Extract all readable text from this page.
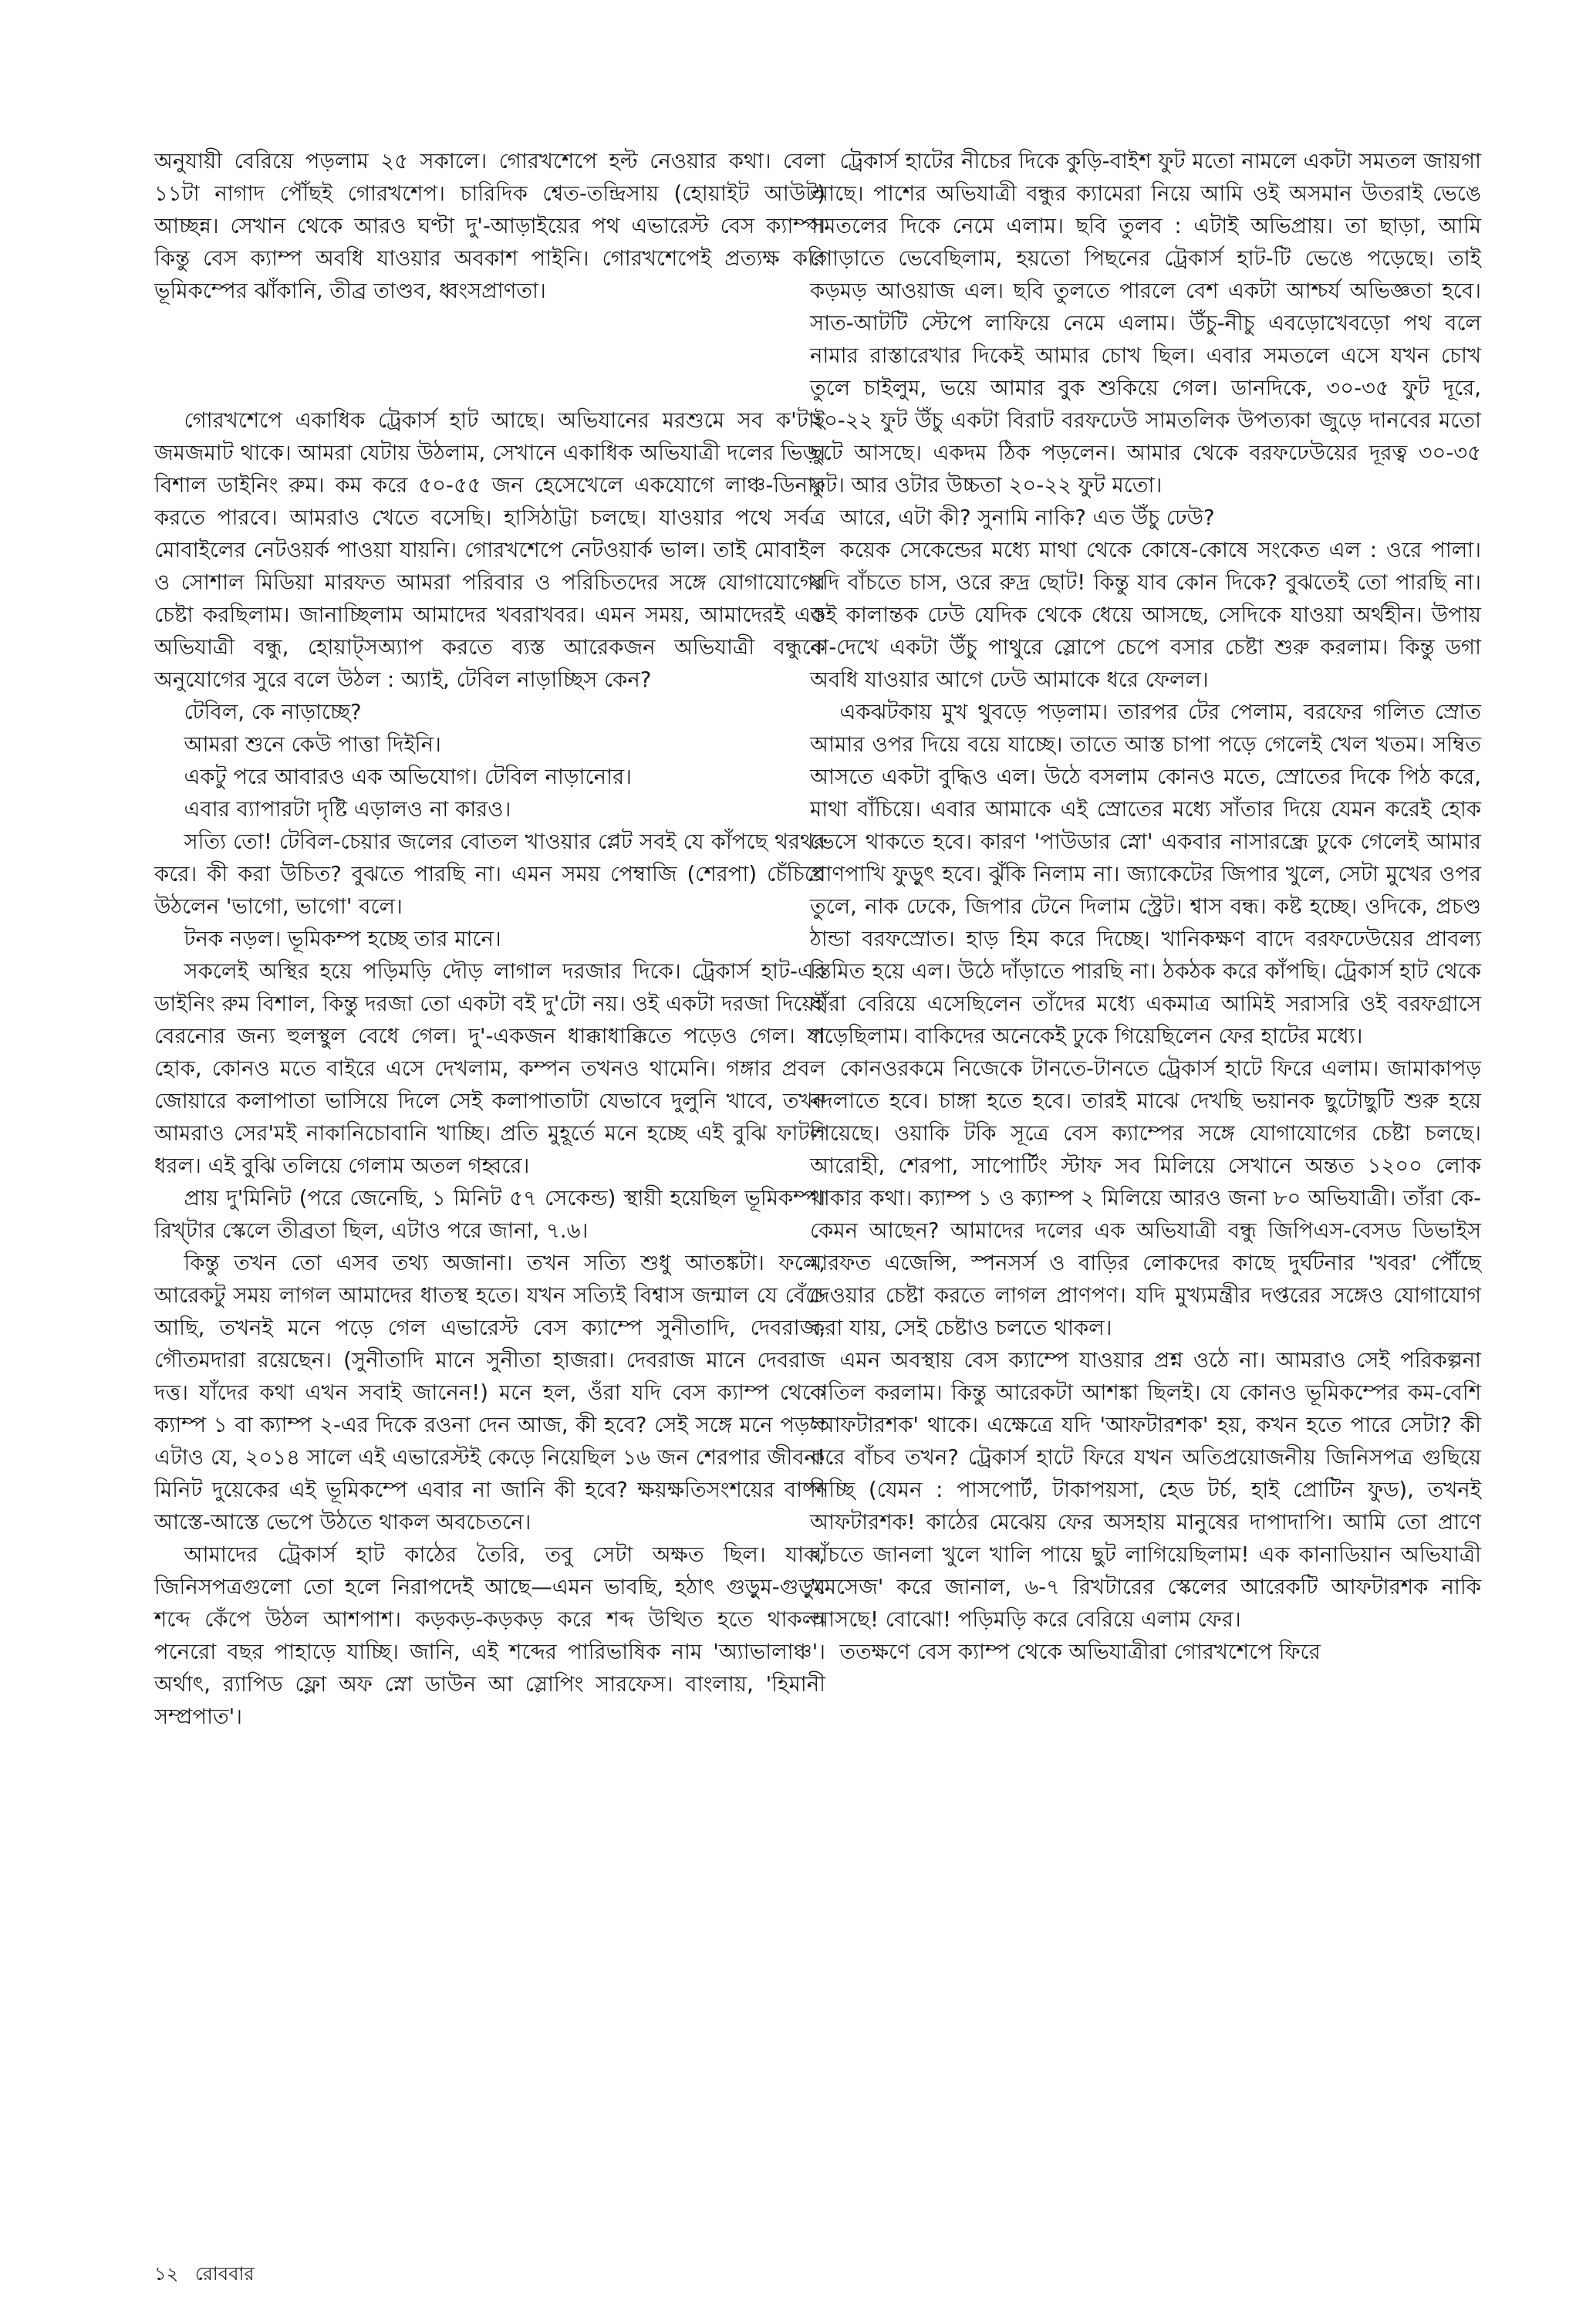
অনুযায়ী বেরিয়ে পড়লাম ২৫ সকালে। গোরখশেপে হল্ট নেওয়ার কথা। বেলা ১১টা নাগাদ পৌঁছই গোরখশেপ। চারিদিক শ্বেত-তন্দ্রিসায় (হোয়াইট আউট) আচ্ছন্ন। সেখান থেকে আরও ঘণ্টা দু'-আড়াইয়ের পথ এভারেস্ট বেস ক্যাম্প। কিন্তু বেস ক্যাম্প অবধি যাওয়ার অবকাশ পাইনি। গোরখশেপেই প্রত্যক্ষ করি ভূমিকম্পের ঝাঁকানি, তীব্র তাণ্ডব, ধ্বংসপ্রাণতা।

গোরখশেপে একাধিক ট্রেকার্স হাট আছে। অভিযানের মরশুমে সব ক'টাই জমজমাট থাকে। আমরা যেটায় উঠলাম, সেখানে একাধিক অভিযাত্রী দলের ভিড়। বিশাল ডাইনিং রুম। কম করে ৫০-৫৫ জন হেসেখেলে একযোগে লাঞ্চ-ডিনার করতে পারবে। আমরাও খেতে বসেছি। হাসিঠাট্টা চলছে। যাওয়ার পথে সর্বত্র মোবাইলের নেটওয়র্ক পাওয়া যায়নি। গোরখশেপে নেটওয়ার্ক ভাল। তাই মোবাইল ও সোশাল মিডিয়া মারফত আমরা পরিবার ও পরিচিতদের সঙ্গে যোগাযোগের চেষ্টা করছিলাম। জানাচ্ছিলাম আমাদের খবরাখবর। এমন সময়, আমাদেরই এক অভিযাত্রী বন্ধু, হোয়াট্‌সঅ্যাপ করতে ব্যস্ত আরেকজন অভিযাত্রী বন্ধুকে অনুযোগের সুরে বলে উঠল : অ্যাই, টেবিল নাড়াচ্ছিস কেন?

টেবিল, কে নাড়াচ্ছে?

আমরা শুনে কেউ পাত্তা দিইনি।

একটু পরে আবারও এক অভিযোগ। টেবিল নাড়ানোর।

এবার ব্যাপারটা দৃষ্টি এড়ালও না কারও।

সত্যি তো! টেবিল-চেয়ার জলের বোতল খাওয়ার প্লেট সবই যে কাঁপছে থরথর করে। কী করা উচিত? বুঝতে পারছি না। এমন সময় পেম্বাজি (শেরপা) চেঁচিয়ে উঠলেন 'ভাগো, ভাগো' বলে।

টনক নড়ল। ভূমিকম্প হচ্ছে তার মানে।

সকলেই অস্থির হয়ে পড়িমড়ি দৌড় লাগাল দরজার দিকে। ট্রেকার্স হাট-এর ডাইনিং রুম বিশাল, কিন্তু দরজা তো একটা বই দু'টো নয়। ওই একটা দরজা দিয়েই বেরনোর জন্য হুলস্থুল বেধে গেল। দু'-একজন ধাক্কাধাক্কিতে পড়েও গেল। যা হোক, কোনও মতে বাইরে এসে দেখলাম, কম্পন তখনও থামেনি। গঙ্গার প্রবল জোয়ারে কলাপাতা ভাসিয়ে দিলে সেই কলাপাতাটা যেভাবে দুলুনি খাবে, তখন আমরাও সের'মই নাকানিচোবানি খাচ্ছি। প্রতি মুহূর্তে মনে হচ্ছে এই বুঝি ফাটল ধরল। এই বুঝি তলিয়ে গেলাম অতল গহ্বরে।

প্রায় দু'মিনিট (পরে জেনেছি, ১ মিনিট ৫৭ সেকেন্ড) স্থায়ী হয়েছিল ভূমিকম্প। রিখ্‌টার স্কেলে তীব্রতা ছিল, এটাও পরে জানা, ৭.৬।

কিন্তু তখন তো এসব তথ্য অজানা। তখন সত্যি শুধু আতঙ্কটা। ফলে, আরেকটু সময় লাগল আমাদের ধাতস্থ হতে। যখন সত্যিই বিশ্বাস জন্মাল যে বেঁচে আছি, তখনই মনে পড়ে গেল এভারেস্ট বেস ক্যাম্পে সুনীতাদি, দেবরাজ, গৌতমদারা রয়েছেন। (সুনীতাদি মানে সুনীতা হাজরা। দেবরাজ মানে দেবরাজ দত্ত। যাঁদের কথা এখন সবাই জানেন!) মনে হল, ওঁরা যদি বেস ক্যাম্প থেকে ক্যাম্প ১ বা ক্যাম্প ২-এর দিকে রওনা দেন আজ, কী হবে? সেই সঙ্গে মনে পড়ল এটাও যে, ২০১৪ সালে এই এভারেস্টই কেড়ে নিয়েছিল ১৬ জন শেরপার জীবন! মিনিট দুয়েকের এই ভূমিকম্পে এবার না জানি কী হবে? ক্ষয়ক্ষতিসংশয়ের বাষ্প আস্তে-আস্তে ভেপে উঠতে থাকল অবচেতনে।

আমাদের ট্রেকার্স হাট কাঠের তৈরি, তবু সেটা অক্ষত ছিল। যাক, জিনিসপত্রগুলো তো হলে নিরাপদেই আছে—এমন ভাবছি, হঠাৎ গুড়ুম-গুড়ুম শব্দে কেঁপে উঠল আশপাশ। কড়কড়-কড়কড় করে শব্দ উত্থিত হতে থাকল। পনেরো বছর পাহাড়ে যাচ্ছি। জানি, এই শব্দের পারিভাষিক নাম 'অ্যাভালাঞ্চ'। অর্থাৎ, র‍্যাপিড ফ্লো অফ স্নো ডাউন আ স্লোপিং সারফেস। বাংলায়, 'হিমানী সম্প্রপাত'।

ট্রেকার্স হাটের নীচের দিকে কুড়ি-বাইশ ফুট মতো নামলে একটা সমতল জায়গা আছে। পাশের অভিযাত্রী বন্ধুর ক্যামেরা নিয়ে আমি ওই অসমান উতরাই ভেঙে সমতলের দিকে নেমে এলাম। ছবি তুলব : এটাই অভিপ্রায়। তা ছাড়া, আমি গোড়াতে ভেবেছিলাম, হয়তো পিছনের ট্রেকার্স হাট-টি ভেঙে পড়েছে। তাই কড়মড় আওয়াজ এল। ছবি তুলতে পারলে বেশ একটা আশ্চর্য অভিজ্ঞতা হবে। সাত-আটটি স্টেপে লাফিয়ে নেমে এলাম। উঁচু-নীচু এবড়োখেবড়ো পথ বলে নামার রাস্তারেখার দিকেই আমার চোখ ছিল। এবার সমতলে এসে যখন চোখ তুলে চাইলুম, ভয়ে আমার বুক শুকিয়ে গেল। ডানদিকে, ৩০-৩৫ ফুট দূরে, ২০-২২ ফুট উঁচু একটা বিরাট বরফঢেউ সামতলিক উপত্যকা জুড়ে দানবের মতো ছুটে আসছে। একদম ঠিক পড়লেন। আমার থেকে বরফঢেউয়ের দূরত্ব ৩০-৩৫ ফুট। আর ওটার উচ্চতা ২০-২২ ফুট মতো।

আরে, এটা কী? সুনামি নাকি? এত উঁচু ঢেউ?

কয়েক সেকেন্ডের মধ্যে মাথা থেকে কোষে-কোষে সংকেত এল : ওরে পালা। যদি বাঁচতে চাস, ওরে রুদ্র ছোট! কিন্তু যাব কোন দিকে? বুঝতেই তো পারছি না। ওই কালান্তক ঢেউ যেদিক থেকে ধেয়ে আসছে, সেদিকে যাওয়া অর্থহীন। উপায় না-দেখে একটা উঁচু পাথুরে স্লোপে চেপে বসার চেষ্টা শুরু করলাম। কিন্তু ডগা অবধি যাওয়ার আগে ঢেউ আমাকে ধরে ফেলল।

একঝটকায় মুখ থুবড়ে পড়লাম। তারপর টের পেলাম, বরফের গলিত স্রোত আমার ওপর দিয়ে বয়ে যাচ্ছে। তাতে আস্ত চাপা পড়ে গেলেই খেল খতম। সম্বিত আসতে একটা বুদ্ধিও এল। উঠে বসলাম কোনও মতে, স্রোতের দিকে পিঠ করে, মাথা বাঁচিয়ে। এবার আমাকে এই স্রোতের মধ্যে সাঁতার দিয়ে যেমন করেই হোক ভেসে থাকতে হবে। কারণ 'পাউডার স্নো' একবার নাসারন্ধ্রে ঢুকে গেলেই আমার প্রাণপাখি ফুড়ুৎ হবে। ঝুঁকি নিলাম না। জ্যাকেটের জিপার খুলে, সেটা মুখের ওপর তুলে, নাক ঢেকে, জিপার টেনে দিলাম স্ট্রেট। শ্বাস বন্ধ। কষ্ট হচ্ছে। ওদিকে, প্রচণ্ড ঠান্ডা বরফস্রোত। হাড় হিম করে দিচ্ছে। খানিকক্ষণ বাদে বরফঢেউয়ের প্রাবল্য স্তিমিত হয়ে এল। উঠে দাঁড়াতে পারছি না। ঠকঠক করে কাঁপছি। ট্রেকার্স হাট থেকে যাঁরা বেরিয়ে এসেছিলেন তাঁদের মধ্যে একমাত্র আমিই সরাসরি ওই বরফগ্রাসে পড়েছিলাম। বাকিদের অনেকেই ঢুকে গিয়েছিলেন ফের হাটের মধ্যে।

কোনওরকমে নিজেকে টানতে-টানতে ট্রেকার্স হাটে ফিরে এলাম। জামাকাপড় বদলাতে হবে। চাঙ্গা হতে হবে। তারই মাঝে দেখছি ভয়ানক ছুটোছুটি শুরু হয়ে গিয়েছে। ওয়াকি টকি সূত্রে বেস ক্যাম্পের সঙ্গে যোগাযোগের চেষ্টা চলছে। আরোহী, শেরপা, সাপোর্টিং স্টাফ সব মিলিয়ে সেখানে অন্তত ১২০০ লোক থাকার কথা। ক্যাম্প ১ ও ক্যাম্প ২ মিলিয়ে আরও জনা ৮০ অভিযাত্রী। তাঁরা কে-কেমন আছেন? আমাদের দলের এক অভিযাত্রী বন্ধু জিপিএস-বেসড ডিভাইস মারফত এজেন্সি, স্পনসর্স ও বাড়ির লোকদের কাছে দুর্ঘটনার 'খবর' পৌঁছে দেওয়ার চেষ্টা করতে লাগল প্রাণপণ। যদি মুখ্যমন্ত্রীর দপ্তরের সঙ্গেও যোগাযোগ করা যায়, সেই চেষ্টাও চলতে থাকল।

এমন অবস্থায় বেস ক্যাম্পে যাওয়ার প্রশ্ন ওঠে না। আমরাও সেই পরিকল্পনা বাতিল করলাম। কিন্তু আরেকটা আশঙ্কা ছিলই। যে কোনও ভূমিকম্পের কম-বেশি 'আফটারশক' থাকে। এক্ষেত্রে যদি 'আফটারশক' হয়, কখন হতে পারে সেটা? কী করে বাঁচব তখন? ট্রেকার্স হাটে ফিরে যখন অতিপ্রয়োজনীয় জিনিসপত্র গুছিয়ে নিচ্ছি (যেমন : পাসপোর্ট, টাকাপয়সা, হেড টর্চ, হাই প্রোটিন ফুড), তখনই আফটারশক! কাঠের মেঝেয় ফের অসহায় মানুষের দাপাদাপি। আমি তো প্রাণে বাঁচতে জানলা খুলে খালি পায়ে ছুট লাগিয়েছিলাম! এক কানাডিয়ান অভিযাত্রী 'মেসেজ' করে জানাল, ৬-৭ রিখটারের স্কেলের আরেকটি আফটারশক নাকি আসছে! বোঝো! পড়িমড়ি করে বেরিয়ে এলাম ফের।

ততক্ষণে বেস ক্যাম্প থেকে অভিযাত্রীরা গোরখশেপে ফিরে

১২ রোববার
